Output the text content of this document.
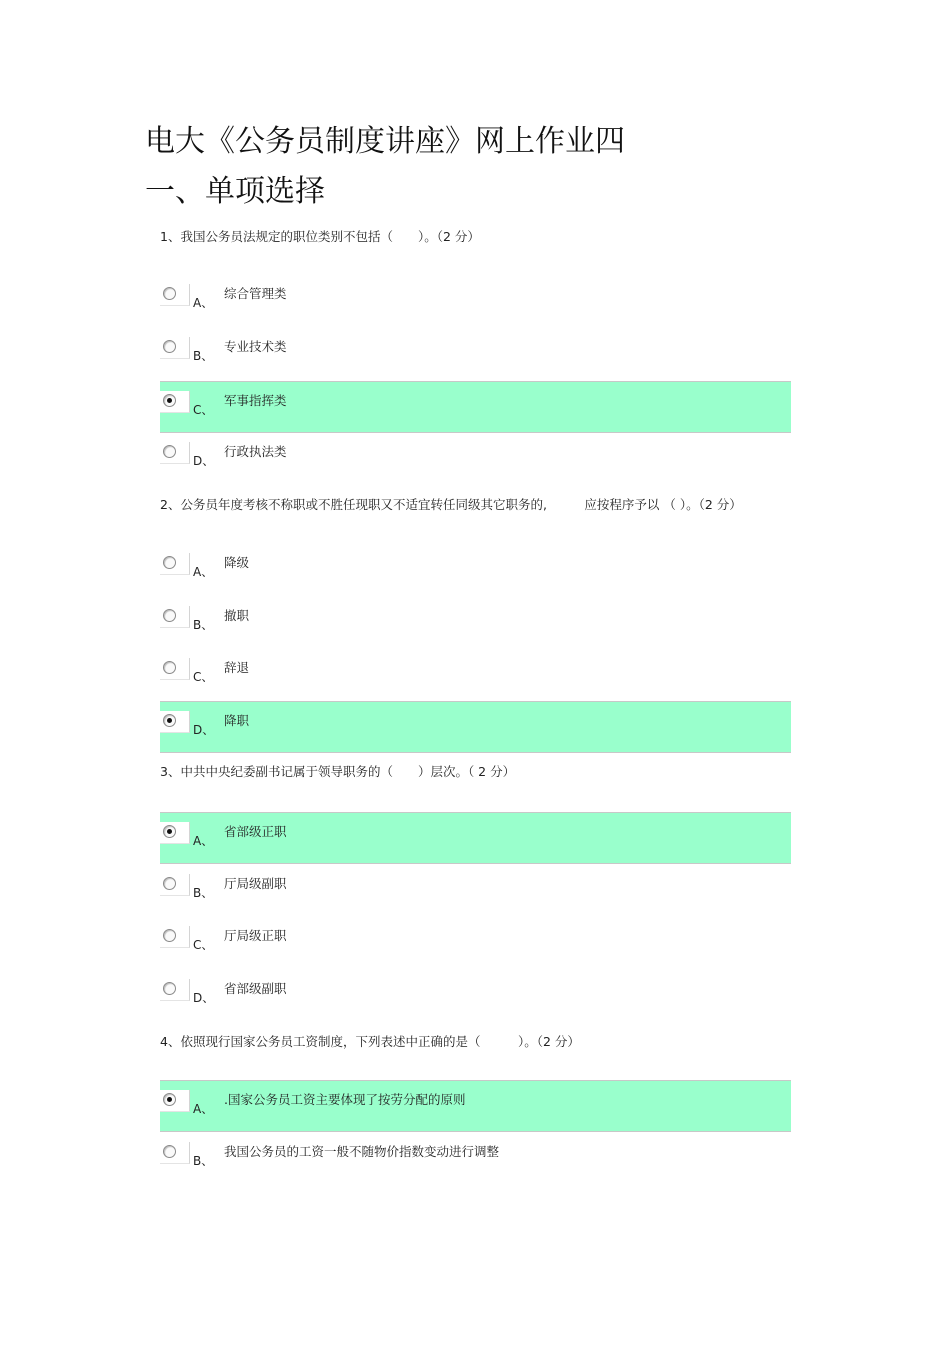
电大《公务员制度讲座》网上作业四
一、单项选择
1、我国公务员法规定的职位类别不包括（　　）。（2 分）
A、
综合管理类
B、
专业技术类
C、
军事指挥类
D、
行政执法类
2、公务员年度考核不称职或不胜任现职又不适宜转任同级其它职务的,　　　应按程序予以 （ ）。（2 分）
A、
降级
B、
撤职
C、
辞退
D、
降职
3、中共中央纪委副书记属于领导职务的（　　）层次。（ 2 分）
A、
省部级正职
B、
厅局级副职
C、
厅局级正职
D、
省部级副职
4、依照现行国家公务员工资制度，下列表述中正确的是（　　　）。（2 分）
A、
.国家公务员工资主要体现了按劳分配的原则
B、
我国公务员的工资一般不随物价指数变动进行调整
